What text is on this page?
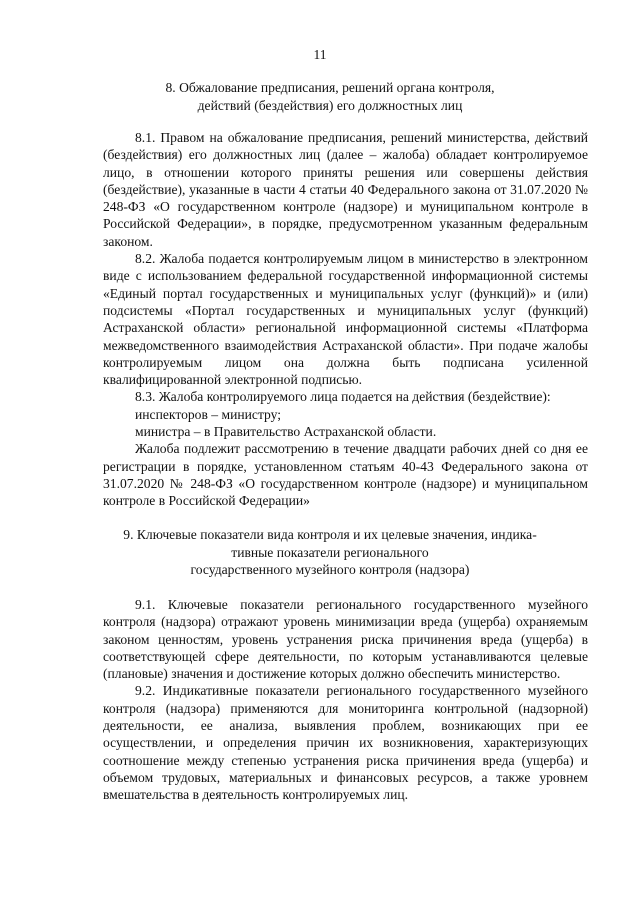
11
8. Обжалование предписания, решений органа контроля,
действий (бездействия) его должностных лиц

8.1. Правом на обжалование предписания, решений министерства, действий (бездействия) его должностных лиц (далее – жалоба) обладает контролируемое лицо, в отношении которого приняты решения или совершены действия (бездействие), указанные в части 4 статьи 40 Федерального закона от 31.07.2020 № 248-ФЗ «О государственном контроле (надзоре) и муниципальном контроле в Российской Федерации», в порядке, предусмотренном указанным федеральным законом.

8.2. Жалоба подается контролируемым лицом в министерство в электронном виде с использованием федеральной государственной информационной системы «Единый портал государственных и муниципальных услуг (функций)» и (или) подсистемы «Портал государственных и муниципальных услуг (функций) Астраханской области» региональной информационной системы «Платформа межведомственного взаимодействия Астраханской области». При подаче жалобы контролируемым лицом она должна быть подписана усиленной квалифицированной электронной подписью.

8.3. Жалоба контролируемого лица подается на действия (бездействие):

инспекторов – министру;

министра – в Правительство Астраханской области.

Жалоба подлежит рассмотрению в течение двадцати рабочих дней со дня ее регистрации в порядке, установленном статьям 40-43 Федерального закона от 31.07.2020 № 248-ФЗ «О государственном контроле (надзоре) и муниципальном контроле в Российской Федерации»

9. Ключевые показатели вида контроля и их целевые значения, индика-
тивные показатели регионального
государственного музейного контроля (надзора)

9.1. Ключевые показатели регионального государственного музейного контроля (надзора) отражают уровень минимизации вреда (ущерба) охраняемым законом ценностям, уровень устранения риска причинения вреда (ущерба) в соответствующей сфере деятельности, по которым устанавливаются целевые (плановые) значения и достижение которых должно обеспечить министерство.

9.2. Индикативные показатели регионального государственного музейного контроля (надзора) применяются для мониторинга контрольной (надзорной) деятельности, ее анализа, выявления проблем, возникающих при ее осуществлении, и определения причин их возникновения, характеризующих соотношение между степенью устранения риска причинения вреда (ущерба) и объемом трудовых, материальных и финансовых ресурсов, а также уровнем вмешательства в деятельность контролируемых лиц.
